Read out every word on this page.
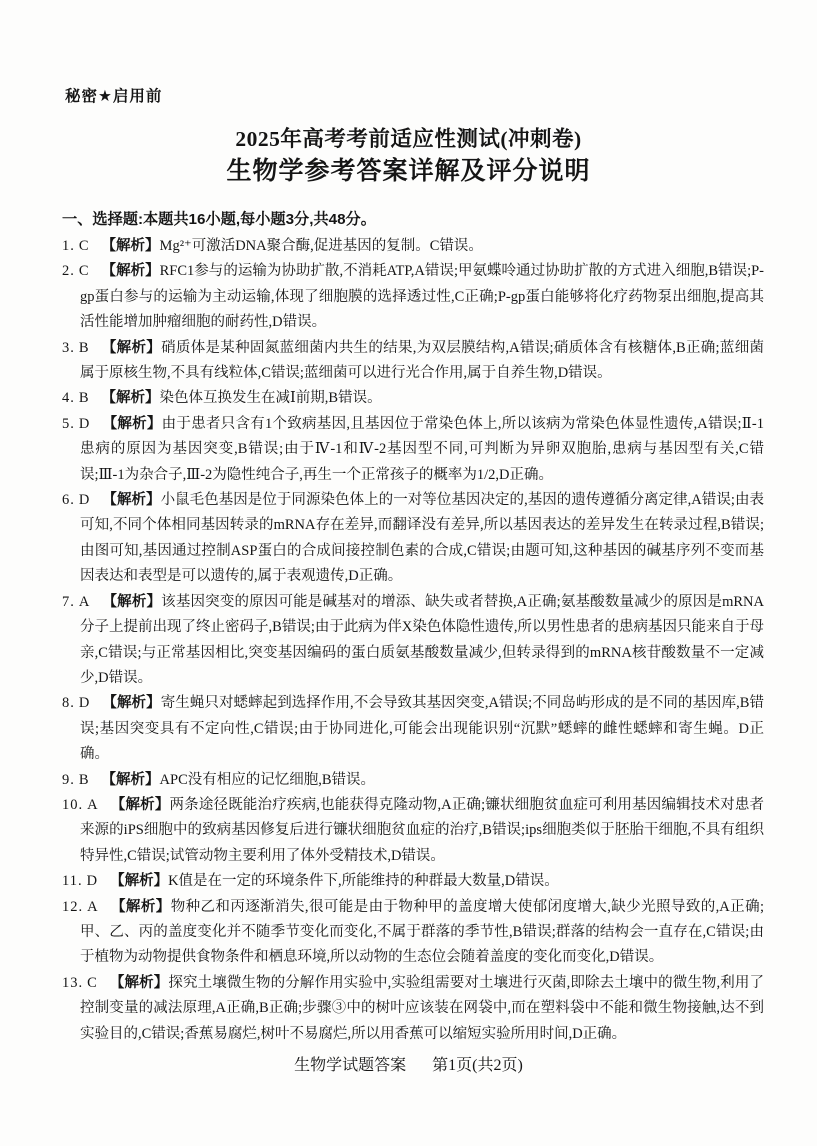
秘密★启用前
2025年高考考前适应性测试(冲刺卷)
生物学参考答案详解及评分说明
一、选择题:本题共16小题,每小题3分,共48分。
1. C 【解析】Mg²⁺可激活DNA聚合酶,促进基因的复制。C错误。
2. C 【解析】RFC1参与的运输为协助扩散,不消耗ATP,A错误;甲氨蝶呤通过协助扩散的方式进入细胞,B错误;P-gp蛋白参与的运输为主动运输,体现了细胞膜的选择透过性,C正确;P-gp蛋白能够将化疗药物泵出细胞,提高其活性能增加肿瘤细胞的耐药性,D错误。
3. B 【解析】硝质体是某种固氮蓝细菌内共生的结果,为双层膜结构,A错误;硝质体含有核糖体,B正确;蓝细菌属于原核生物,不具有线粒体,C错误;蓝细菌可以进行光合作用,属于自养生物,D错误。
4. B 【解析】染色体互换发生在减Ⅰ前期,B错误。
5. D 【解析】由于患者只含有1个致病基因,且基因位于常染色体上,所以该病为常染色体显性遗传,A错误;Ⅱ-1患病的原因为基因突变,B错误;由于Ⅳ-1和Ⅳ-2基因型不同,可判断为异卵双胞胎,患病与基因型有关,C错误;Ⅲ-1为杂合子,Ⅲ-2为隐性纯合子,再生一个正常孩子的概率为1/2,D正确。
6. D 【解析】小鼠毛色基因是位于同源染色体上的一对等位基因决定的,基因的遗传遵循分离定律,A错误;由表可知,不同个体相同基因转录的mRNA存在差异,而翻译没有差异,所以基因表达的差异发生在转录过程,B错误;由图可知,基因通过控制ASP蛋白的合成间接控制色素的合成,C错误;由题可知,这种基因的碱基序列不变而基因表达和表型是可以遗传的,属于表观遗传,D正确。
7. A 【解析】该基因突变的原因可能是碱基对的增添、缺失或者替换,A正确;氨基酸数量减少的原因是mRNA分子上提前出现了终止密码子,B错误;由于此病为伴X染色体隐性遗传,所以男性患者的患病基因只能来自于母亲,C错误;与正常基因相比,突变基因编码的蛋白质氨基酸数量减少,但转录得到的mRNA核苷酸数量不一定减少,D错误。
8. D 【解析】寄生蝇只对蟋蟀起到选择作用,不会导致其基因突变,A错误;不同岛屿形成的是不同的基因库,B错误;基因突变具有不定向性,C错误;由于协同进化,可能会出现能识别“沉默”蟋蟀的雌性蟋蟀和寄生蝇。D正确。
9. B 【解析】APC没有相应的记忆细胞,B错误。
10. A 【解析】两条途径既能治疗疾病,也能获得克隆动物,A正确;镰状细胞贫血症可利用基因编辑技术对患者来源的iPS细胞中的致病基因修复后进行镰状细胞贫血症的治疗,B错误;ips细胞类似于胚胎干细胞,不具有组织特异性,C错误;试管动物主要利用了体外受精技术,D错误。
11. D 【解析】K值是在一定的环境条件下,所能维持的种群最大数量,D错误。
12. A 【解析】物种乙和丙逐渐消失,很可能是由于物种甲的盖度增大使郁闭度增大,缺少光照导致的,A正确;甲、乙、丙的盖度变化并不随季节变化而变化,不属于群落的季节性,B错误;群落的结构会一直存在,C错误;由于植物为动物提供食物条件和栖息环境,所以动物的生态位会随着盖度的变化而变化,D错误。
13. C 【解析】探究土壤微生物的分解作用实验中,实验组需要对土壤进行灭菌,即除去土壤中的微生物,利用了控制变量的减法原理,A正确,B正确;步骤③中的树叶应该装在网袋中,而在塑料袋中不能和微生物接触,达不到实验目的,C错误;香蕉易腐烂,树叶不易腐烂,所以用香蕉可以缩短实验所用时间,D正确。
生物学试题答案 第1页(共2页)
